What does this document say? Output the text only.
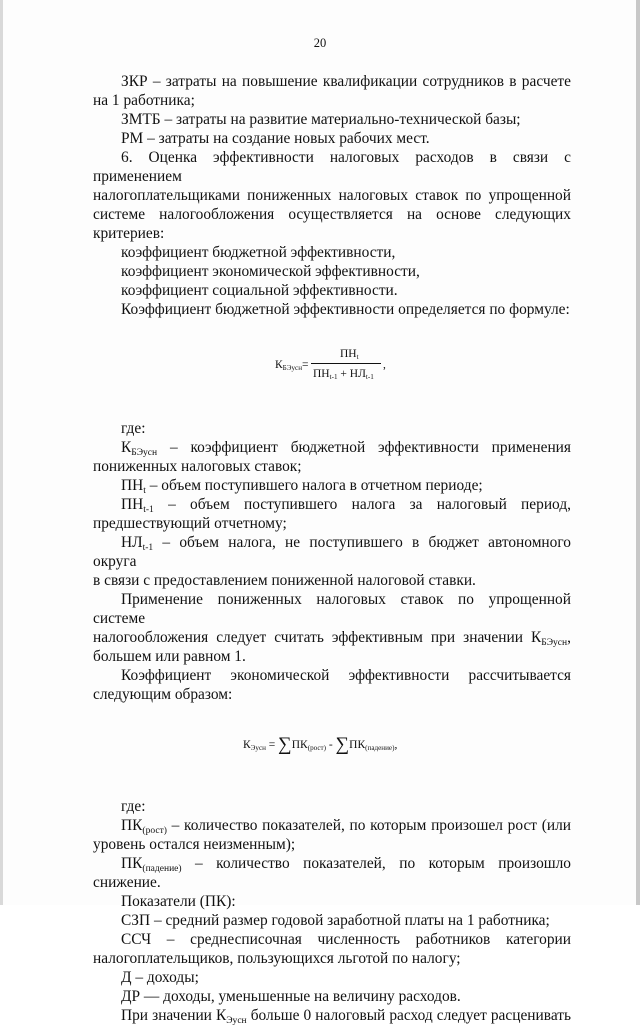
20

ЗКР – затраты на повышение квалификации сотрудников в расчете

на 1 работника;

ЗМТБ – затраты на развитие материально-технической базы;

РМ – затраты на создание новых рабочих мест.

6. Оценка эффективности налоговых расходов в связи с применением

налогоплательщиками пониженных налоговых ставок по упрощенной

системе налогообложения осуществляется на основе следующих

критериев:

коэффициент бюджетной эффективности,

коэффициент экономической эффективности,

коэффициент социальной эффективности.

Коэффициент бюджетной эффективности определяется по формуле:

$К_{БЭусн}=$
$ПН_t$
$ПН_{t-1} + НЛ_{t-1}$
,

где:

$К_{БЭусн}$ – коэффициент бюджетной эффективности применения

пониженных налоговых ставок;

$ПН_t$ – объем поступившего налога в отчетном периоде;

$ПН_{t-1}$ – объем поступившего налога за налоговый период,

предшествующий отчетному;

$НЛ_{t-1}$ – объем налога, не поступившего в бюджет автономного округа

в связи с предоставлением пониженной налоговой ставки.

Применение пониженных налоговых ставок по упрощенной системе

налогообложения следует считать эффективным при значении $К_{БЭусн}$,

большем или равном 1.

Коэффициент экономической эффективности рассчитывается

следующим образом:

$К_{Эусн} = \sum ПК_{(рост)} - \sum ПК_{(падение)}$,

где:

$ПК_{(рост)}$ – количество показателей, по которым произошел рост (или

уровень остался неизменным);

$ПК_{(падение)}$ – количество показателей, по которым произошло

снижение.

Показатели (ПК):

СЗП – средний размер годовой заработной платы на 1 работника;

ССЧ – среднесписочная численность работников категории

налогоплательщиков, пользующихся льготой по налогу;

Д – доходы;

ДР — доходы, уменьшенные на величину расходов.

При значении $К_{Эусн}$ больше 0 налоговый расход следует расценивать
